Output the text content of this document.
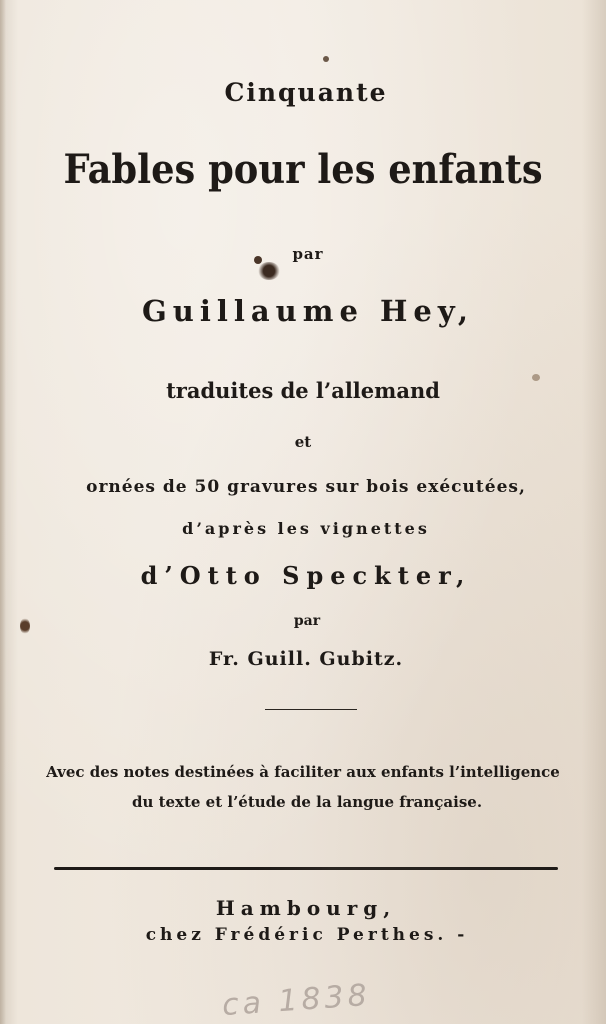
Cinquante
Fables pour les enfants
par
Guillaume Hey,
traduites de l’allemand
et
ornées de 50 gravures sur bois exécutées,
d’après les vignettes
d’Otto Speckter,
par
Fr. Guill. Gubitz.
Avec des notes destinées à faciliter aux enfants l’intelligence
du texte et l’étude de la langue française.
Hambourg,
chez Frédéric Perthes. -
ca 1838
